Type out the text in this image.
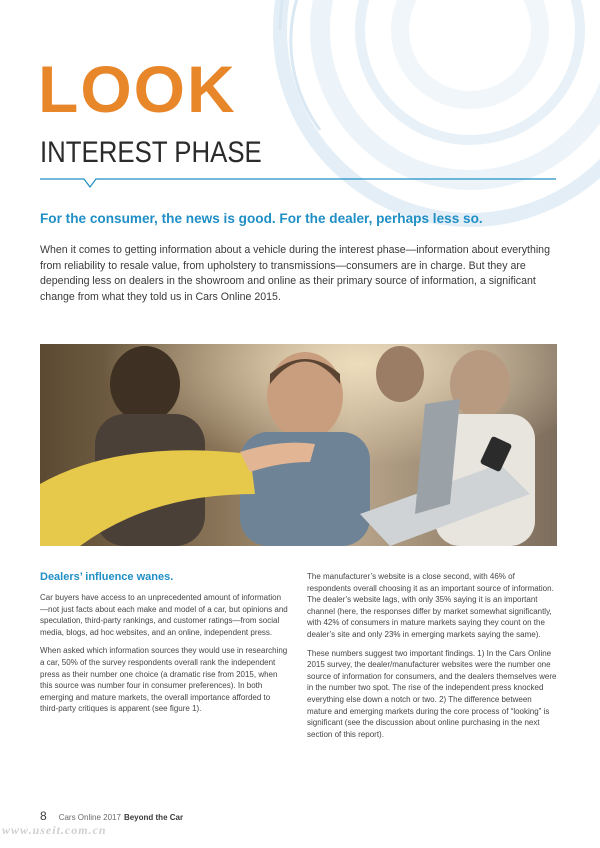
LOOK
INTEREST PHASE
For the consumer, the news is good. For the dealer, perhaps less so.

When it comes to getting information about a vehicle during the interest phase—information about everything from reliability to resale value, from upholstery to transmissions—consumers are in charge. But they are depending less on dealers in the showroom and online as their primary source of information, a significant change from what they told us in Cars Online 2015.

Dealers’ influence wanes.

Car buyers have access to an unprecedented amount of information—not just facts about each make and model of a car, but opinions and speculation, third-party rankings, and customer ratings—from social media, blogs, ad hoc websites, and an online, independent press.

When asked which information sources they would use in researching a car, 50% of the survey respondents overall rank the independent press as their number one choice (a dramatic rise from 2015, when this source was number four in consumer preferences). In both emerging and mature markets, the overall importance afforded to third-party critiques is apparent (see figure 1).

The manufacturer’s website is a close second, with 46% of respondents overall choosing it as an important source of information. The dealer’s website lags, with only 35% saying it is an important channel (here, the responses differ by market somewhat significantly, with 42% of consumers in mature markets saying they count on the dealer’s site and only 23% in emerging markets saying the same).

These numbers suggest two important findings. 1) In the Cars Online 2015 survey, the dealer/manufacturer websites were the number one source of information for consumers, and the dealers themselves were in the number two spot. The rise of the independent press knocked everything else down a notch or two. 2) The difference between mature and emerging markets during the core process of “looking” is significant (see the discussion about online purchasing in the next section of this report).

8 Cars Online 2017 Beyond the Car
www.useit.com.cn
